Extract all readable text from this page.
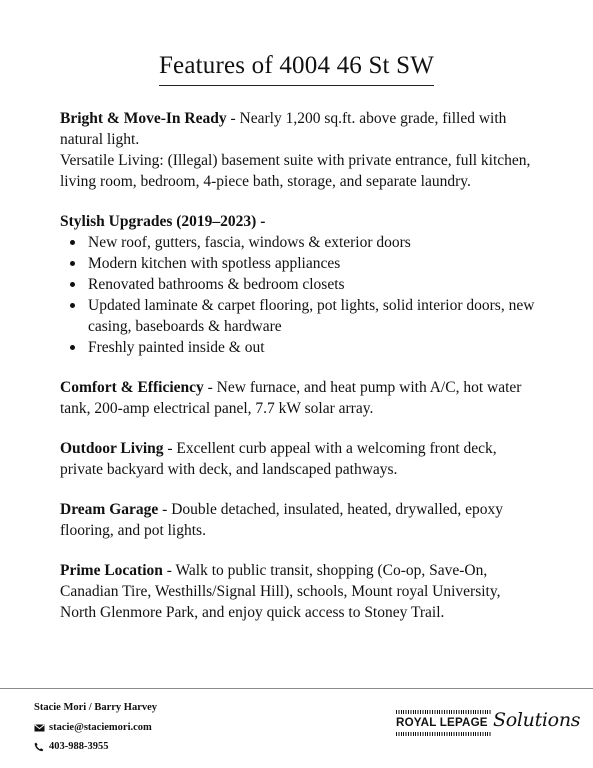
Features of 4004 46 St SW

Bright & Move-In Ready - Nearly 1,200 sq.ft. above grade, filled with natural light.

Versatile Living: (Illegal) basement suite with private entrance, full kitchen, living room, bedroom, 4-piece bath, storage, and separate laundry.

Stylish Upgrades (2019–2023) -

New roof, gutters, fascia, windows & exterior doors
Modern kitchen with spotless appliances
Renovated bathrooms & bedroom closets
Updated laminate & carpet flooring, pot lights, solid interior doors, new casing, baseboards & hardware
Freshly painted inside & out

Comfort & Efficiency - New furnace, and heat pump with A/C, hot water tank, 200-amp electrical panel, 7.7 kW solar array.

Outdoor Living - Excellent curb appeal with a welcoming front deck, private backyard with deck, and landscaped pathways.

Dream Garage - Double detached, insulated, heated, drywalled, epoxy flooring, and pot lights.

Prime Location - Walk to public transit, shopping (Co-op, Save-On, Canadian Tire, Westhills/Signal Hill), schools, Mount royal University, North Glenmore Park, and enjoy quick access to Stoney Trail.

Stacie Mori / Barry Harvey
stacie@staciemori.com
403-988-3955
ROYAL LEPAGE Solutions
